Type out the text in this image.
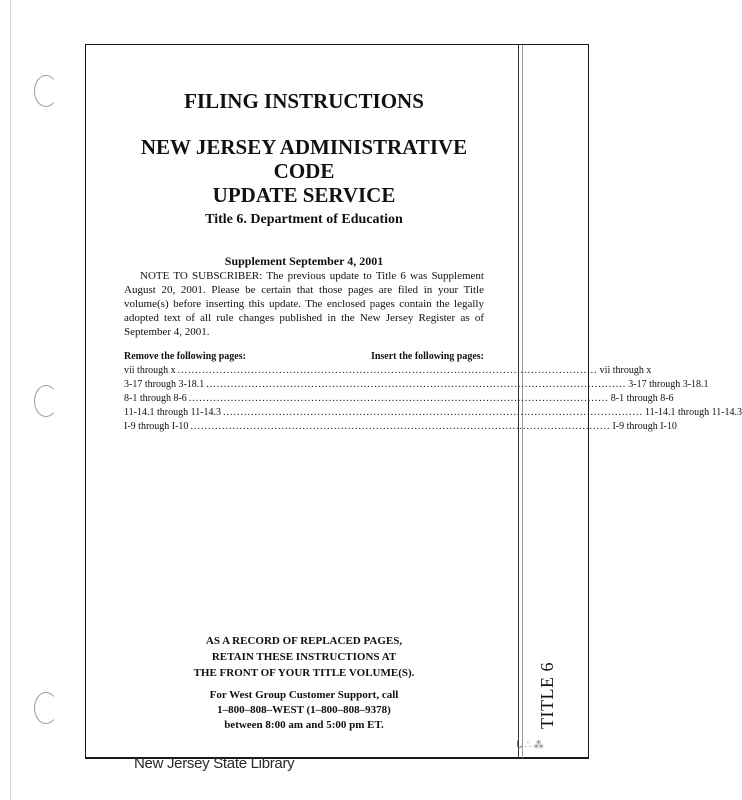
TITLE 6
ᒐ ∴ ⁂
FILING INSTRUCTIONS
NEW JERSEY ADMINISTRATIVE CODE
UPDATE SERVICE
Title 6. Department of Education
Supplement September 4, 2001
NOTE TO SUBSCRIBER: The previous update to Title 6 was Supplement August 20, 2001. Please be certain that those pages are filed in your Title volume(s) before inserting this update. The enclosed pages contain the legally adopted text of all rule changes published in the New Jersey Register as of September 4, 2001.
Remove the following pages:	Insert the following pages:
vii through x ........................................................................................................................ vii through x
3-17 through 3-18.1 ........................................................................................................................ 3-17 through 3-18.1
8-1 through 8-6 ........................................................................................................................ 8-1 through 8-6
11-14.1 through 11-14.3 ........................................................................................................................ 11-14.1 through 11-14.3
I-9 through I-10 ........................................................................................................................ I-9 through I-10
AS A RECORD OF REPLACED PAGES,
RETAIN THESE INSTRUCTIONS AT
THE FRONT OF YOUR TITLE VOLUME(S).
For West Group Customer Support, call
1–800–808–WEST (1–800–808–9378)
between 8:00 am and 5:00 pm ET.
New Jersey State Library
